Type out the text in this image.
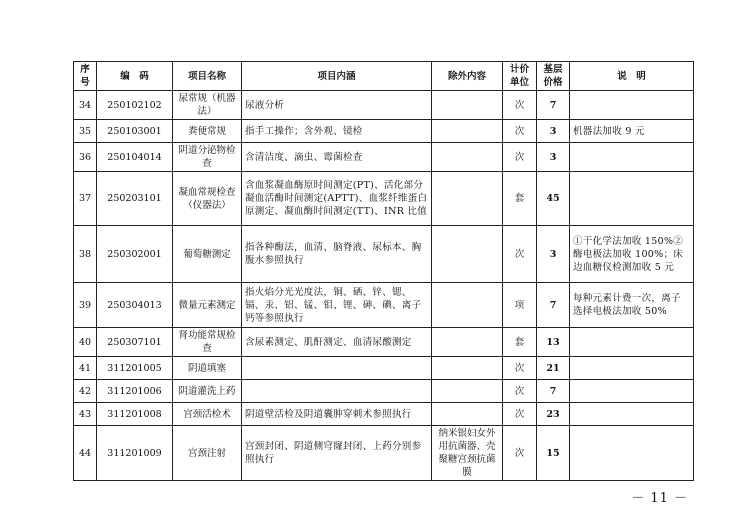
序号	编　码	项目名称	项目内涵	除外内容	计价单位	基层价格	说　明
34	250102102	尿常规（机器法）	尿液分析		次	7	
35	250103001	粪便常规	指手工操作；含外观、镜检		次	3	机器法加收 9 元
36	250104014	阴道分泌物检查	含清洁度、滴虫、霉菌检查		次	3	
37	250203101	凝血常规检查（仪器法）	含血浆凝血酶原时间测定(PT)、活化部分凝血活酶时间测定(APTT)、血浆纤维蛋白原测定、凝血酶时间测定(TT)、INR 比值		套	45	
38	250302001	葡萄糖测定	指各种酶法，血清、脑脊液、尿标本、胸腹水参照执行		次	3	①干化学法加收 150%②酶电极法加收 100%；床边血糖仪检测加收 5 元
39	250304013	微量元素测定	指火焰分光光度法，铜、硒、锌、锶、镉、汞、铝、锰、钼、锂、砷、碘、离子钙等参照执行		项	7	每种元素计费一次，离子选择电极法加收 50%
40	250307101	肾功能常规检查	含尿素测定、肌酐测定、血清尿酸测定		套	13	
41	311201005	阴道填塞			次	21	
42	311201006	阴道灌洗上药			次	7	
43	311201008	宫颈活检术	阴道壁活检及阴道囊肿穿刺术参照执行		次	23	
44	311201009	宫颈注射	宫颈封闭、阴道侧穹窿封闭、上药分别参照执行	纳米银妇女外用抗菌器、壳聚糖宫颈抗菌膜	次	15	
－ 11 －
